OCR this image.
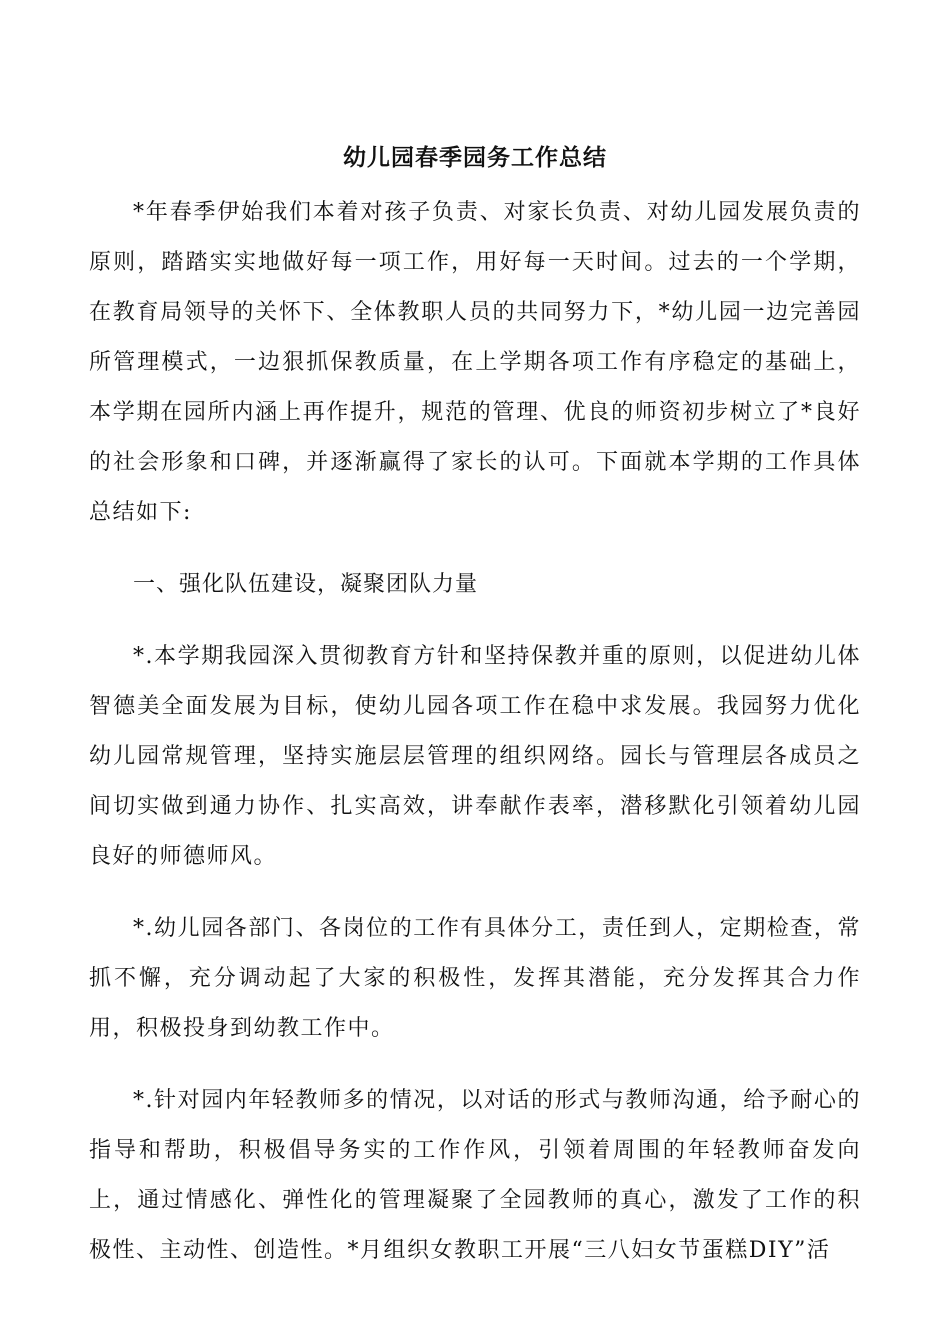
幼儿园春季园务工作总结

*年春季伊始我们本着对孩子负责、对家长负责、对幼儿园发展负责的原则，踏踏实实地做好每一项工作，用好每一天时间。过去的一个学期，在教育局领导的关怀下、全体教职人员的共同努力下，*幼儿园一边完善园所管理模式，一边狠抓保教质量，在上学期各项工作有序稳定的基础上，本学期在园所内涵上再作提升，规范的管理、优良的师资初步树立了*良好的社会形象和口碑，并逐渐赢得了家长的认可。下面就本学期的工作具体总结如下:

一、强化队伍建设，凝聚团队力量

*.本学期我园深入贯彻教育方针和坚持保教并重的原则，以促进幼儿体智德美全面发展为目标，使幼儿园各项工作在稳中求发展。我园努力优化幼儿园常规管理，坚持实施层层管理的组织网络。园长与管理层各成员之间切实做到通力协作、扎实高效，讲奉献作表率，潜移默化引领着幼儿园良好的师德师风。

*.幼儿园各部门、各岗位的工作有具体分工，责任到人，定期检查，常抓不懈，充分调动起了大家的积极性，发挥其潜能，充分发挥其合力作用，积极投身到幼教工作中。

*.针对园内年轻教师多的情况，以对话的形式与教师沟通，给予耐心的指导和帮助，积极倡导务实的工作作风，引领着周围的年轻教师奋发向上，通过情感化、弹性化的管理凝聚了全园教师的真心，激发了工作的积极性、主动性、创造性。*月组织女教职工开展“三八妇女节蛋糕DIY”活
